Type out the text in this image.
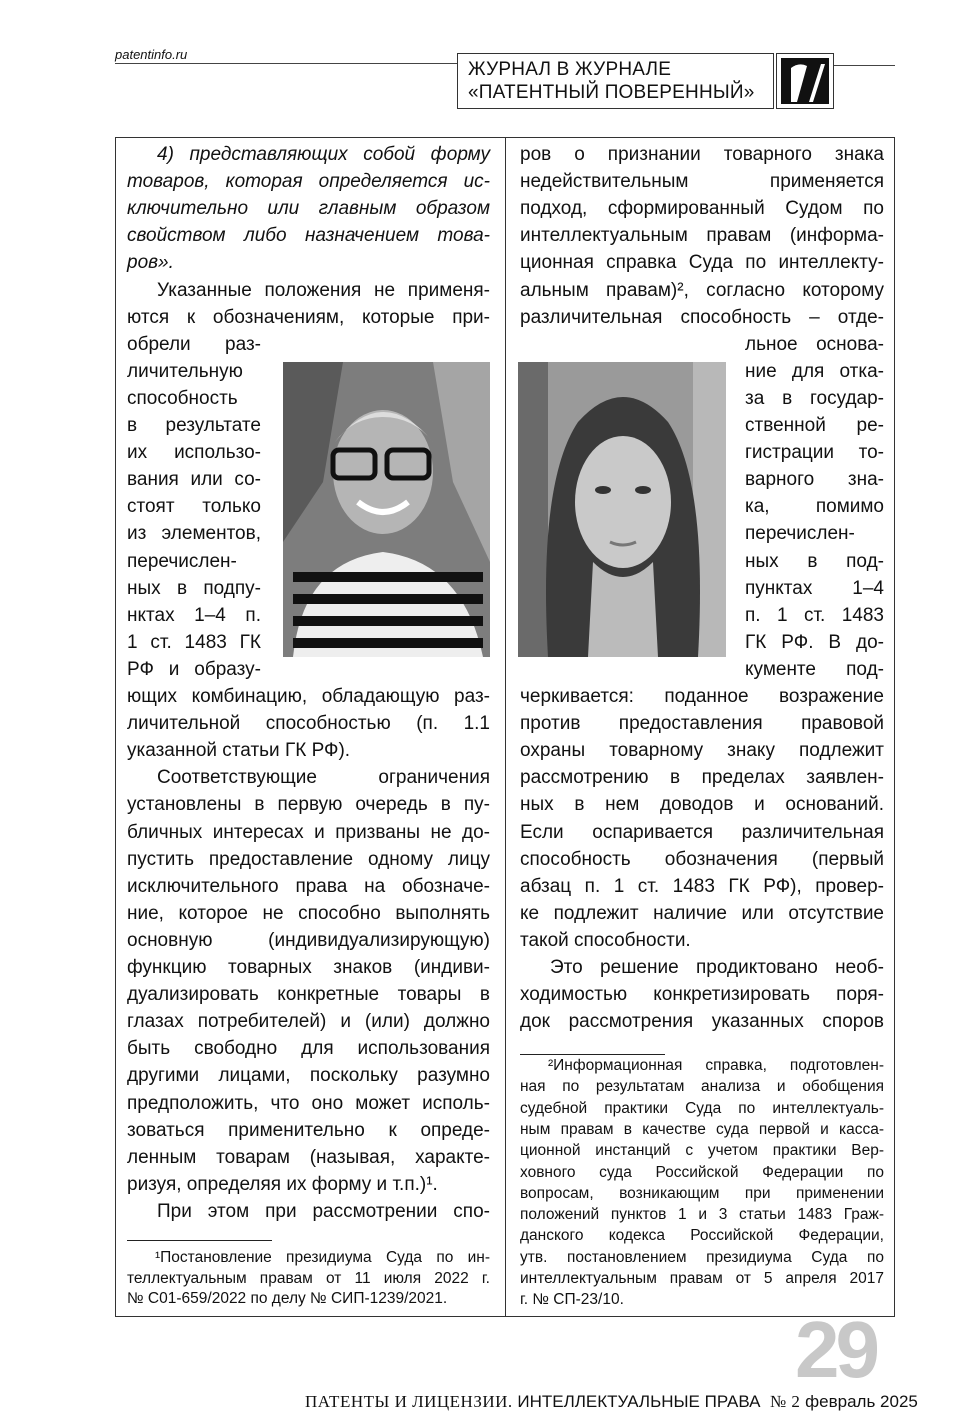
patentinfo.ru
ЖУРНАЛ В ЖУРНАЛЕ
«ПАТЕНТНЫЙ ПОВЕРЕННЫЙ»
4) представляющих собой форму
товаров, которая определяется ис-
ключительно или главным образом
свойством либо назначением това-
ров».
Указанные положения не применя-
ются к обозначениям, которые при-
обрели раз-
личительную
способность
в результате
их использо-
вания или со-
стоят только
из элементов,
перечислен-
ных в подпу-
нктах 1–4 п.
1 ст. 1483 ГК
РФ и образу-
ющих комбинацию, обладающую раз-
личительной способностью (п. 1.1
указанной статьи ГК РФ).
Соответствующие ограничения
установлены в первую очередь в пу-
бличных интересах и призваны не до-
пустить предоставление одному лицу
исключительного права на обозначе-
ние, которое не способно выполнять
основную (индивидуализирующую)
функцию товарных знаков (индиви-
дуализировать конкретные товары в
глазах потребителей) и (или) должно
быть свободно для использования
другими лицами, поскольку разумно
предположить, что оно может исполь-
зоваться применительно к опреде-
ленным товарам (называя, характе-
ризуя, определяя их форму и т.п.)¹.
При этом при рассмотрении спо-
¹Постановление президиума Суда по ин-
теллектуальным правам от 11 июля 2022 г.
№ С01-659/2022 по делу № СИП-1239/2021.
ров о признании товарного знака
недействительным применяется
подход, сформированный Судом по
интеллектуальным правам (информа-
ционная справка Суда по интеллекту-
альным правам)², согласно которому
различительная способность – отде-
льное основа-
ние для отка-
за в государ-
ственной ре-
гистрации то-
варного зна-
ка, помимо
перечислен-
ных в под-
пунктах 1–4
п. 1 ст. 1483
ГК РФ. В до-
кументе под-
черкивается: поданное возражение
против предоставления правовой
охраны товарному знаку подлежит
рассмотрению в пределах заявлен-
ных в нем доводов и оснований.
Если оспаривается различительная
способность обозначения (первый
абзац п. 1 ст. 1483 ГК РФ), провер-
ке подлежит наличие или отсутствие
такой способности.
Это решение продиктовано необ-
ходимостью конкретизировать поря-
док рассмотрения указанных споров
²Информационная справка, подготовлен-
ная по результатам анализа и обобщения
судебной практики Суда по интеллектуаль-
ным правам в качестве суда первой и касса-
ционной инстанций с учетом практики Вер-
ховного суда Российской Федерации по
вопросам, возникающим при применении
положений пунктов 1 и 3 статьи 1483 Граж-
данского кодекса Российской Федерации,
утв. постановлением президиума Суда по
интеллектуальным правам от 5 апреля 2017
г. № СП-23/10.
29
ПАТЕНТЫ И ЛИЦЕНЗИИ. ИНТЕЛЛЕКТУАЛЬНЫЕ ПРАВА № 2 февраль 2025
